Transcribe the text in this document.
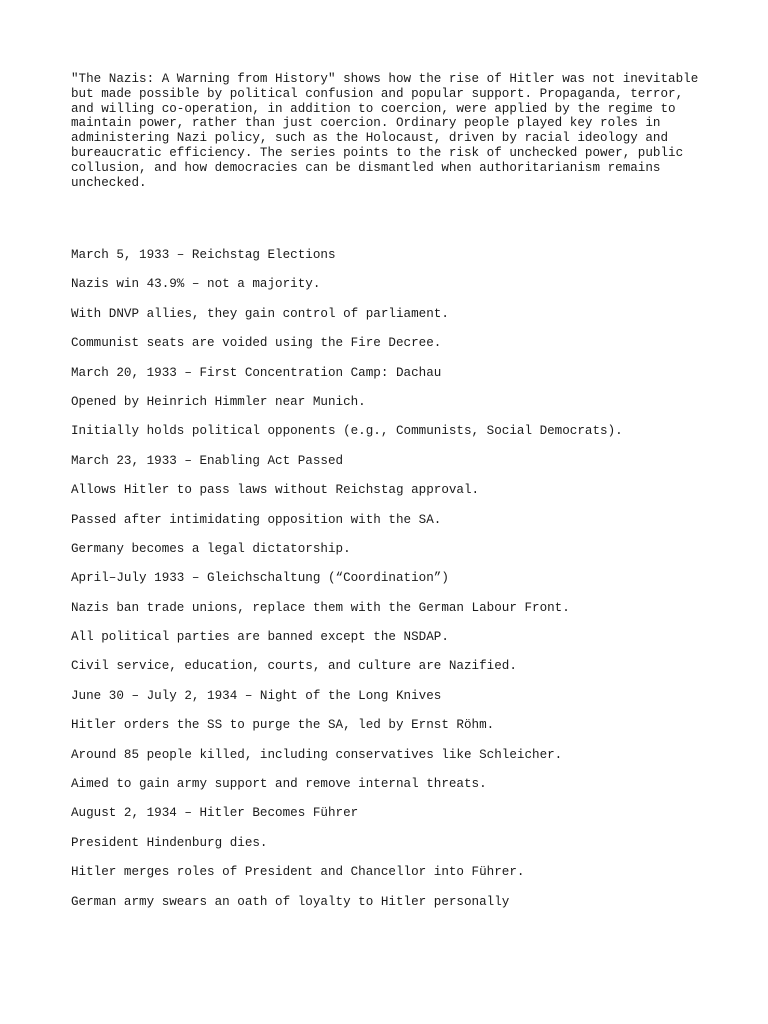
"The Nazis: A Warning from History" shows how the rise of Hitler was not inevitable but made possible by political confusion and popular support. Propaganda, terror, and willing co-operation, in addition to coercion, were applied by the regime to maintain power, rather than just coercion. Ordinary people played key roles in administering Nazi policy, such as the Holocaust, driven by racial ideology and bureaucratic efficiency. The series points to the risk of unchecked power, public collusion, and how democracies can be dismantled when authoritarianism remains unchecked.

March 5, 1933 – Reichstag Elections
Nazis win 43.9% – not a majority.
With DNVP allies, they gain control of parliament.
Communist seats are voided using the Fire Decree.
March 20, 1933 – First Concentration Camp: Dachau
Opened by Heinrich Himmler near Munich.
Initially holds political opponents (e.g., Communists, Social Democrats).
March 23, 1933 – Enabling Act Passed
Allows Hitler to pass laws without Reichstag approval.
Passed after intimidating opposition with the SA.
Germany becomes a legal dictatorship.
April–July 1933 – Gleichschaltung (“Coordination”)
Nazis ban trade unions, replace them with the German Labour Front.
All political parties are banned except the NSDAP.
Civil service, education, courts, and culture are Nazified.
June 30 – July 2, 1934 – Night of the Long Knives
Hitler orders the SS to purge the SA, led by Ernst Röhm.
Around 85 people killed, including conservatives like Schleicher.
Aimed to gain army support and remove internal threats.
August 2, 1934 – Hitler Becomes Führer
President Hindenburg dies.
Hitler merges roles of President and Chancellor into Führer.
German army swears an oath of loyalty to Hitler personally
